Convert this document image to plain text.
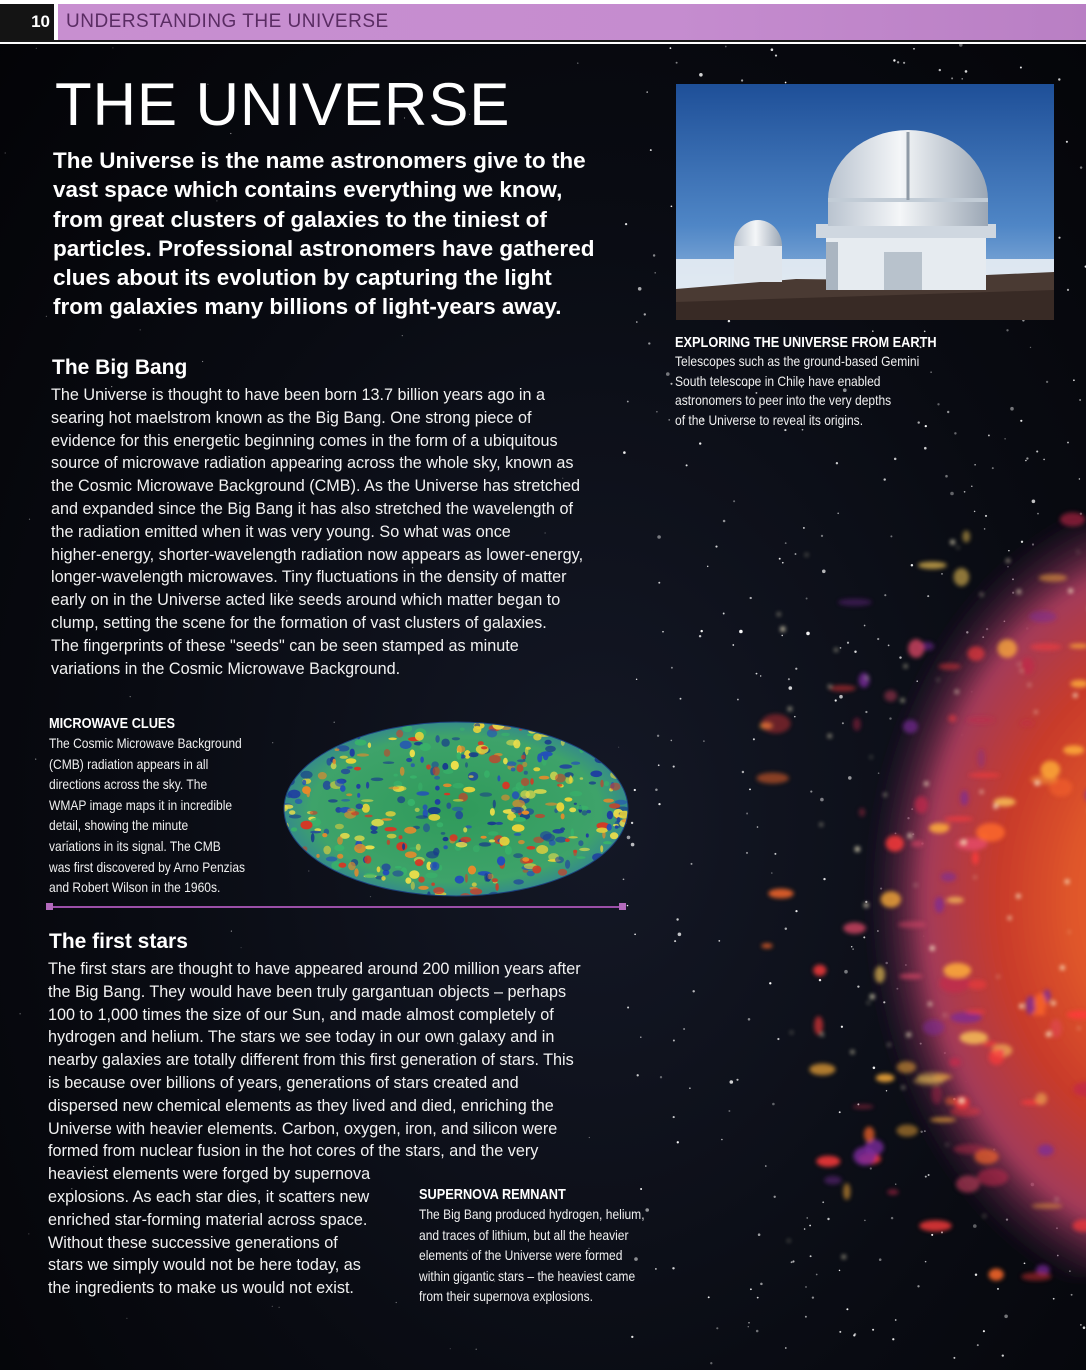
10 UNDERSTANDING THE UNIVERSE
THE UNIVERSE
The Universe is the name astronomers give to the
vast space which contains everything we know,
from great clusters of galaxies to the tiniest of
particles. Professional astronomers have gathered
clues about its evolution by capturing the light
from galaxies many billions of light-years away.
EXPLORING THE UNIVERSE FROM EARTH
Telescopes such as the ground-based Gemini
South telescope in Chile have enabled
astronomers to peer into the very depths
of the Universe to reveal its origins.
The Big Bang
The Universe is thought to have been born 13.7 billion years ago in a
searing hot maelstrom known as the Big Bang. One strong piece of
evidence for this energetic beginning comes in the form of a ubiquitous
source of microwave radiation appearing across the whole sky, known as
the Cosmic Microwave Background (CMB). As the Universe has stretched
and expanded since the Big Bang it has also stretched the wavelength of
the radiation emitted when it was very young. So what was once
higher-energy, shorter-wavelength radiation now appears as lower-energy,
longer-wavelength microwaves. Tiny fluctuations in the density of matter
early on in the Universe acted like seeds around which matter began to
clump, setting the scene for the formation of vast clusters of galaxies.
The fingerprints of these "seeds" can be seen stamped as minute
variations in the Cosmic Microwave Background.
MICROWAVE CLUES
The Cosmic Microwave Background
(CMB) radiation appears in all
directions across the sky. The
WMAP image maps it in incredible
detail, showing the minute
variations in its signal. The CMB
was first discovered by Arno Penzias
and Robert Wilson in the 1960s.
The first stars
The first stars are thought to have appeared around 200 million years after
the Big Bang. They would have been truly gargantuan objects – perhaps
100 to 1,000 times the size of our Sun, and made almost completely of
hydrogen and helium. The stars we see today in our own galaxy and in
nearby galaxies are totally different from this first generation of stars. This
is because over billions of years, generations of stars created and
dispersed new chemical elements as they lived and died, enriching the
Universe with heavier elements. Carbon, oxygen, iron, and silicon were
formed from nuclear fusion in the hot cores of the stars, and the very
heaviest elements were forged by supernova
explosions. As each star dies, it scatters new
enriched star-forming material across space.
Without these successive generations of
stars we simply would not be here today, as
the ingredients to make us would not exist.
SUPERNOVA REMNANT
The Big Bang produced hydrogen, helium,
and traces of lithium, but all the heavier
elements of the Universe were formed
within gigantic stars – the heaviest came
from their supernova explosions.
